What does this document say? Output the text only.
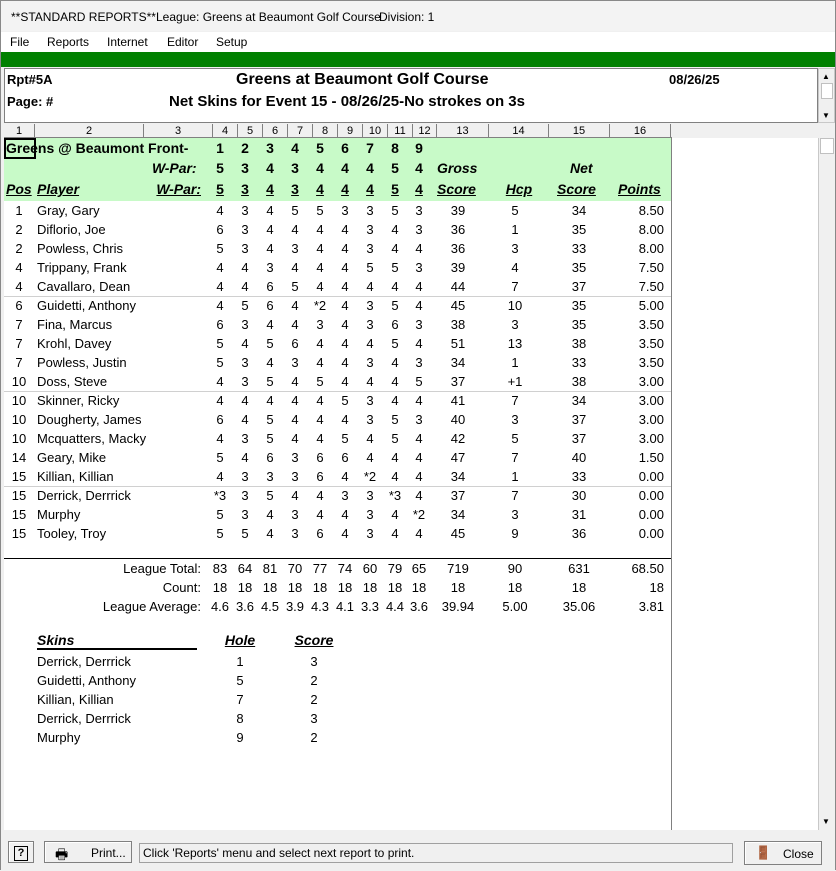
**STANDARD REPORTS** League: Greens at Beaumont Golf Course
Division: 1
File Reports Internet Editor Setup
Rpt#5A
Page: #
Greens at Beaumont Golf Course
Net Skins for Event 15 - 08/26/25-No strokes on 3s
08/26/25	▲
▼
1	2	3	4	5	6	7	8	9	10	11	12	13	14	15	16
Greens @ Beaumont Front-	1	2	3	4	5	6	7	8	9
W-Par:	5	3	4	3	4	4	4	5	4	Gross	Net
Pos Player	W-Par:	5	3	4	3	4	4	4	5	4	Score	Hcp	Score Points
1	Gray, Gary	4	3	4	5	5	3	3	5	3	39	5	34	8.50
2	Diflorio, Joe	6	3	4	4	4	4	3	4	3	36	1	35	8.00
2	Powless, Chris	5	3	4	3	4	4	3	4	4	36	3	33	8.00
4	Trippany, Frank	4	4	3	4	4	4	5	5	3	39	4	35	7.50
4	Cavallaro, Dean	4	4	6	5	4	4	4	4	4	44	7	37	7.50
6	Guidetti, Anthony	4	5	6	4	*2	4	3	5	4	45	10	35	5.00
7	Fina, Marcus	6	3	4	4	3	4	3	6	3	38	3	35	3.50
7	Krohl, Davey	5	4	5	6	4	4	4	5	4	51	13	38	3.50
7	Powless, Justin	5	3	4	3	4	4	3	4	3	34	1	33	3.50
10 Doss, Steve	4	3	5	4	5	4	4	4	5	37	+1	38	3.00
10 Skinner, Ricky	4	4	4	4	4	5	3	4	4	41	7	34	3.00
10 Dougherty, James	6	4	5	4	4	4	3	5	3	40	3	37	3.00
10 Mcquatters, Macky	4	3	5	4	4	5	4	5	4	42	5	37	3.00
14 Geary, Mike	5	4	6	3	6	6	4	4	4	47	7	40	1.50
15 Killian, Killian	4	3	3	3	6	4	*2	4	4	34	1	33	0.00
15 Derrick, Derrrick	*3	3	5	4	4	3	3	*3	4	37	7	30	0.00
15 Murphy	5	3	4	3	4	4	3	4	*2	34	3	31	0.00
15 Tooley, Troy	5	5	4	3	6	4	3	4	4	45	9	36	0.00
League Total: 83 64 81 70 77 74 60 79 65	719	90	631	68.50
Count: 18 18 18 18 18 18 18 18 18	18	18	18	18
League Average: 4.6 3.6 4.5 3.9 4.3 4.1 3.3 4.4 3.6	39.94	5.00	35.06	3.81
Skins	Hole	Score
Derrick, Derrrick	1	3
Guidetti, Anthony	5	2
Killian, Killian	7	2
Derrick, Derrrick	8	3
Murphy	9	2
▼
?	🖶 Print...	Click 'Reports' menu and select next report to print.	🚪 Close
